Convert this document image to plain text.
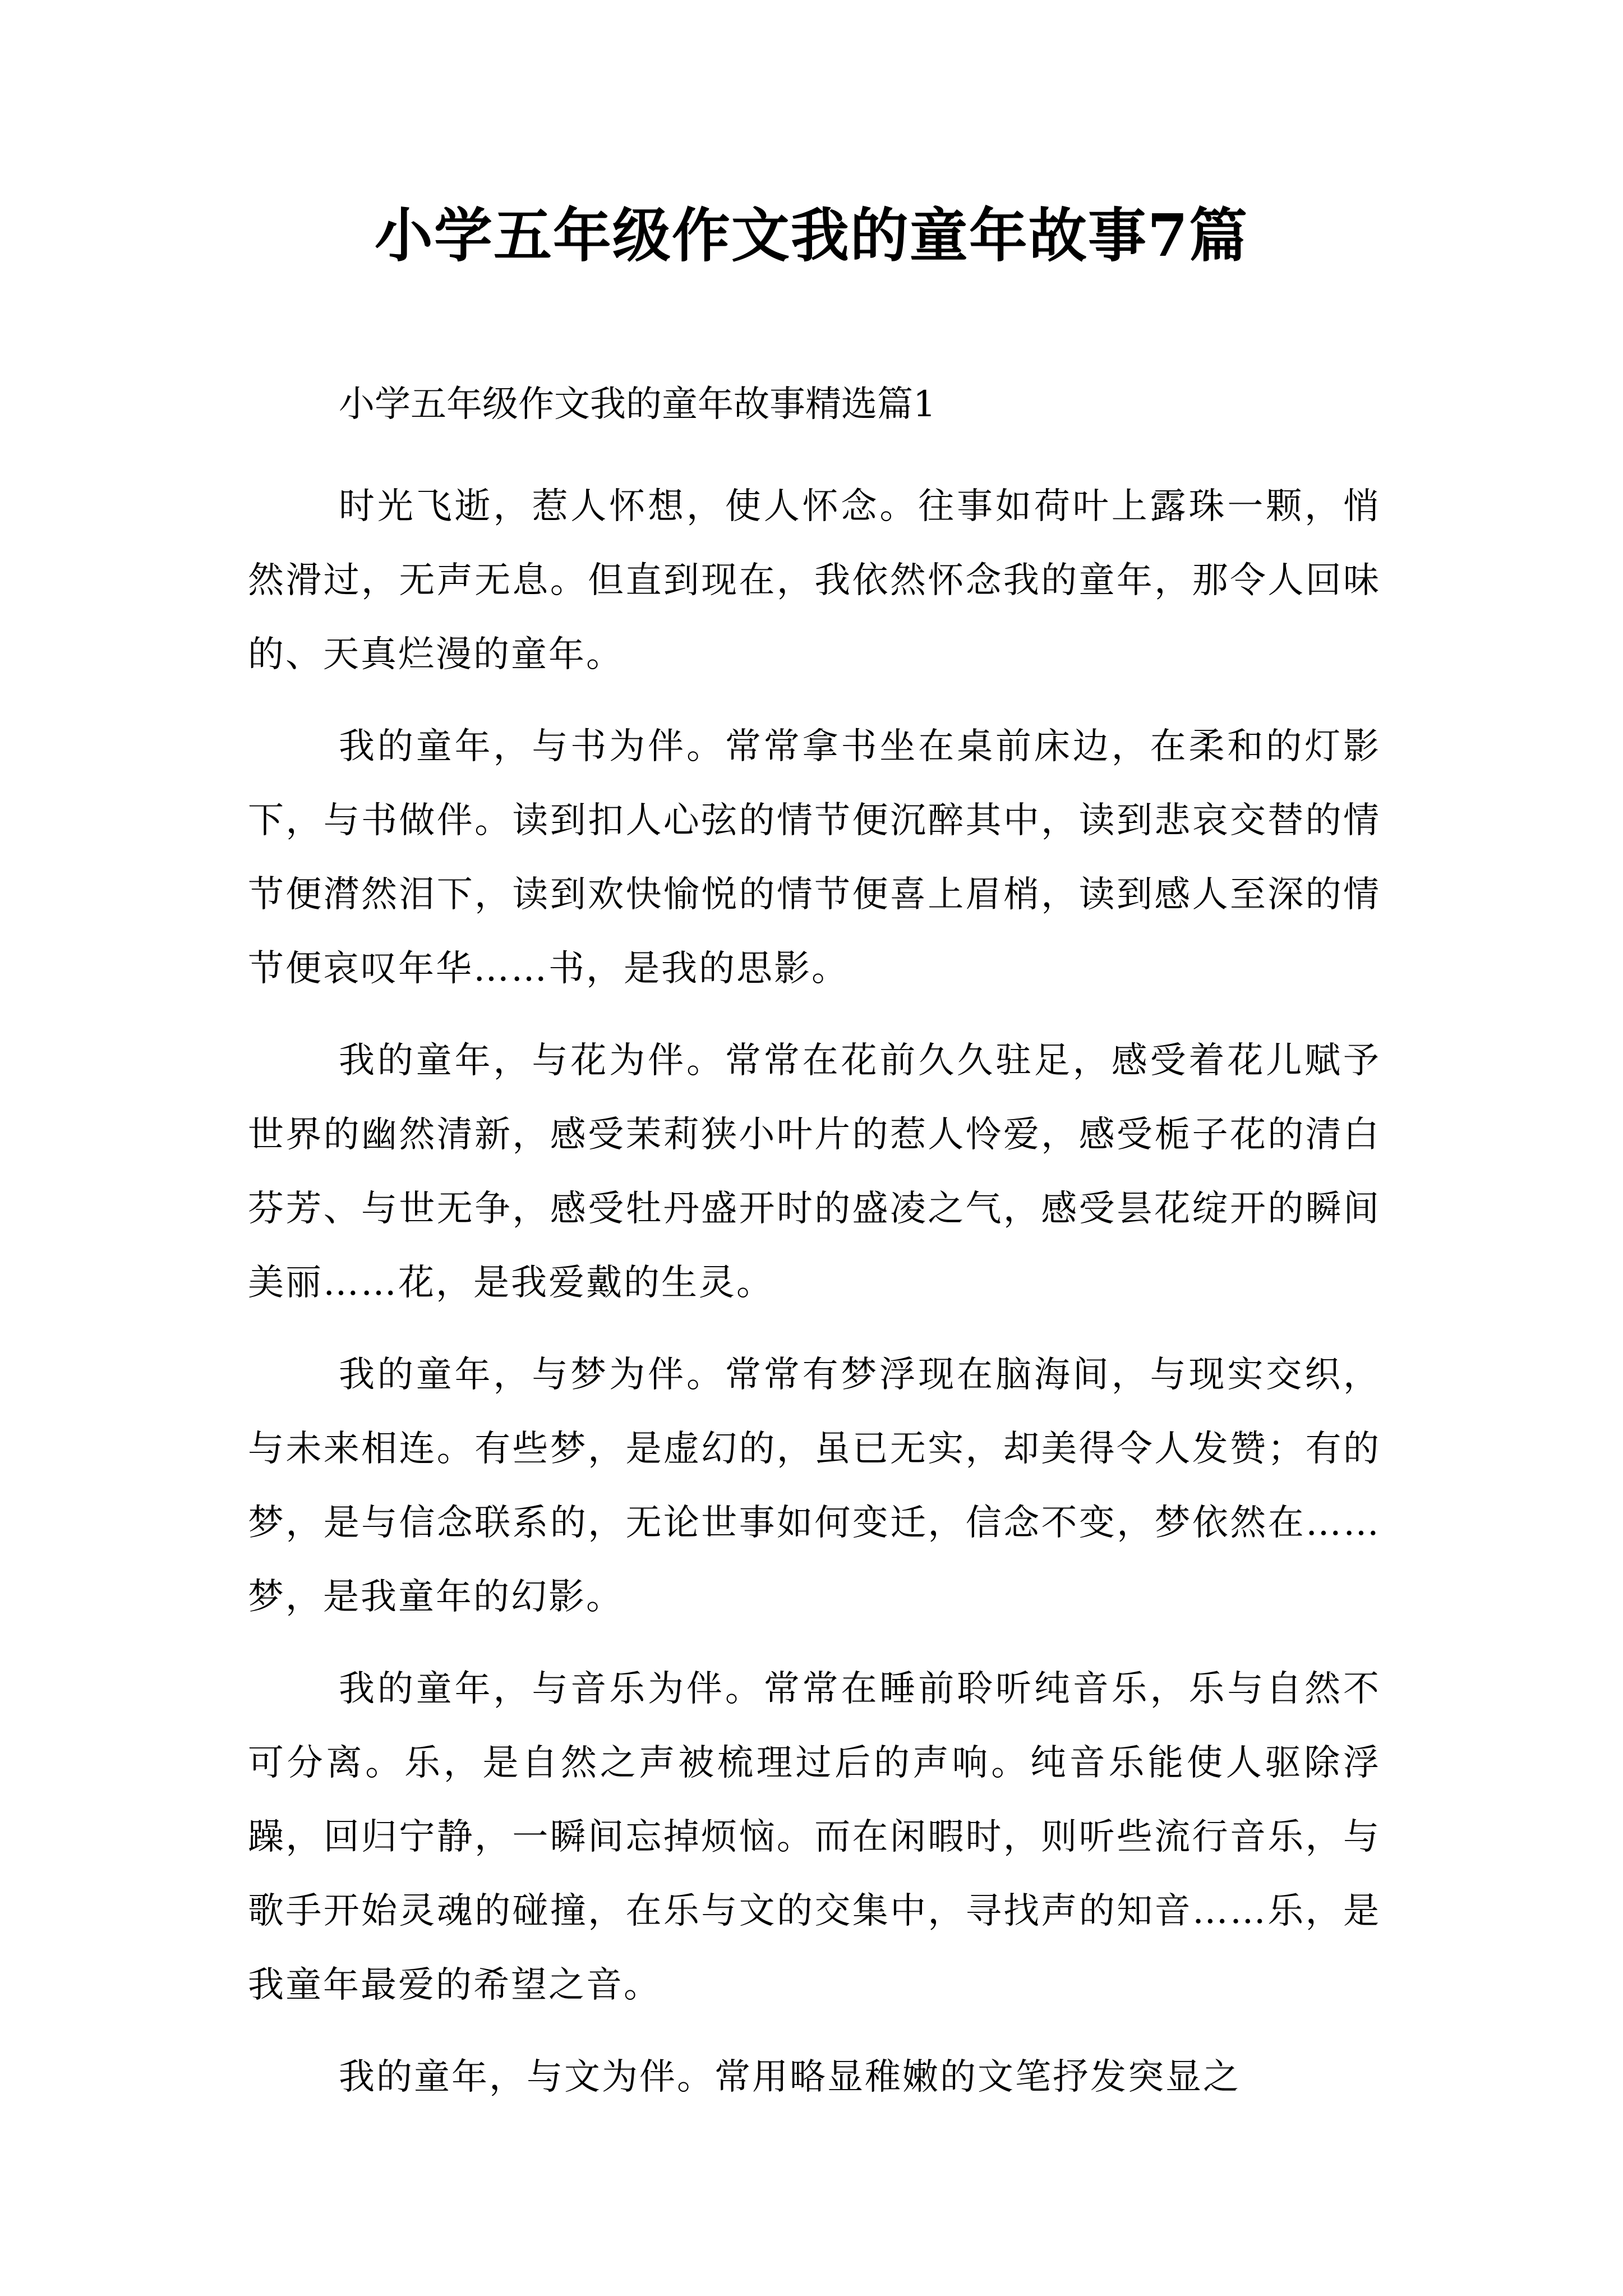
小学五年级作文我的童年故事7篇
小学五年级作文我的童年故事精选篇1

时光飞逝，惹人怀想，使人怀念。往事如荷叶上露珠一颗，悄然滑过，无声无息。但直到现在，我依然怀念我的童年，那令人回味的、天真烂漫的童年。

我的童年，与书为伴。常常拿书坐在桌前床边，在柔和的灯影下，与书做伴。读到扣人心弦的情节便沉醉其中，读到悲哀交替的情节便潸然泪下，读到欢快愉悦的情节便喜上眉梢，读到感人至深的情节便哀叹年华……书，是我的思影。

我的童年，与花为伴。常常在花前久久驻足，感受着花儿赋予世界的幽然清新，感受茉莉狭小叶片的惹人怜爱，感受栀子花的清白芬芳、与世无争，感受牡丹盛开时的盛凌之气，感受昙花绽开的瞬间美丽……花，是我爱戴的生灵。

我的童年，与梦为伴。常常有梦浮现在脑海间，与现实交织，与未来相连。有些梦，是虚幻的，虽已无实，却美得令人发赞；有的梦，是与信念联系的，无论世事如何变迁，信念不变，梦依然在……梦，是我童年的幻影。

我的童年，与音乐为伴。常常在睡前聆听纯音乐，乐与自然不可分离。乐，是自然之声被梳理过后的声响。纯音乐能使人驱除浮躁，回归宁静，一瞬间忘掉烦恼。而在闲暇时，则听些流行音乐，与歌手开始灵魂的碰撞，在乐与文的交集中，寻找声的知音……乐，是我童年最爱的希望之音。

我的童年，与文为伴。常用略显稚嫩的文笔抒发突显之
